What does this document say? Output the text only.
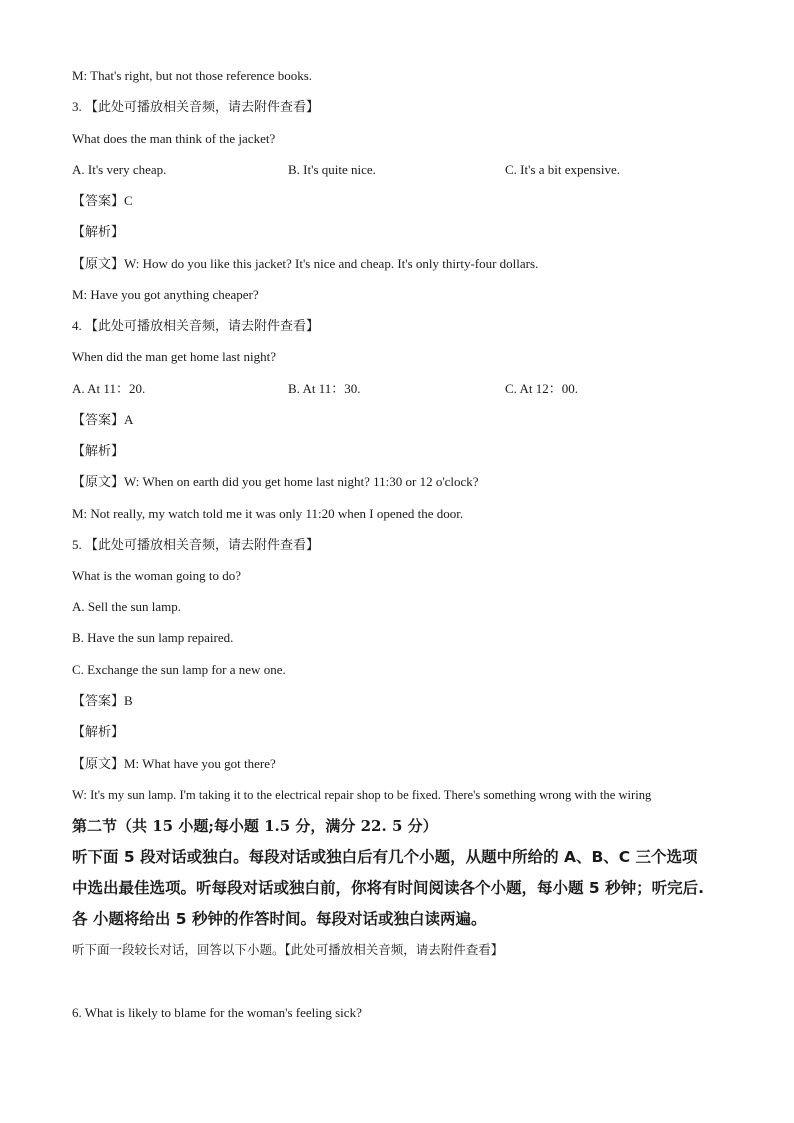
M: That's right, but not those reference books.
3. 【此处可播放相关音频，请去附件查看】
What does the man think of the jacket?
A. It's very cheap.	B. It's quite nice.	C. It's a bit expensive.
【答案】C
【解析】
【原文】W: How do you like this jacket? It's nice and cheap. It's only thirty-four dollars.
M: Have you got anything cheaper?
4. 【此处可播放相关音频，请去附件查看】
When did the man get home last night?
A. At 11：20.	B. At 11：30.	C. At 12：00.
【答案】A
【解析】
【原文】W: When on earth did you get home last night? 11:30 or 12 o'clock?
M: Not really, my watch told me it was only 11:20 when I opened the door.
5. 【此处可播放相关音频，请去附件查看】
What is the woman going to do?
A. Sell the sun lamp.
B. Have the sun lamp repaired.
C. Exchange the sun lamp for a new one.
【答案】B
【解析】
【原文】M: What have you got there?
W: It's my sun lamp. I'm taking it to the electrical repair shop to be fixed. There's something wrong with the wiring
第二节（共 15 小题;每小题 1.5 分，满分 22. 5 分）
听下面 5 段对话或独白。每段对话或独白后有几个小题，从题中所给的 A、B、C 三个选项
中选出最佳选项。听每段对话或独白前，你将有时间阅读各个小题，每小题 5 秒钟；听完后.
各 小题将给出 5 秒钟的作答时间。每段对话或独白读两遍。
听下面一段较长对话，回答以下小题。【此处可播放相关音频，请去附件查看】
6. What is likely to blame for the woman's feeling sick?
